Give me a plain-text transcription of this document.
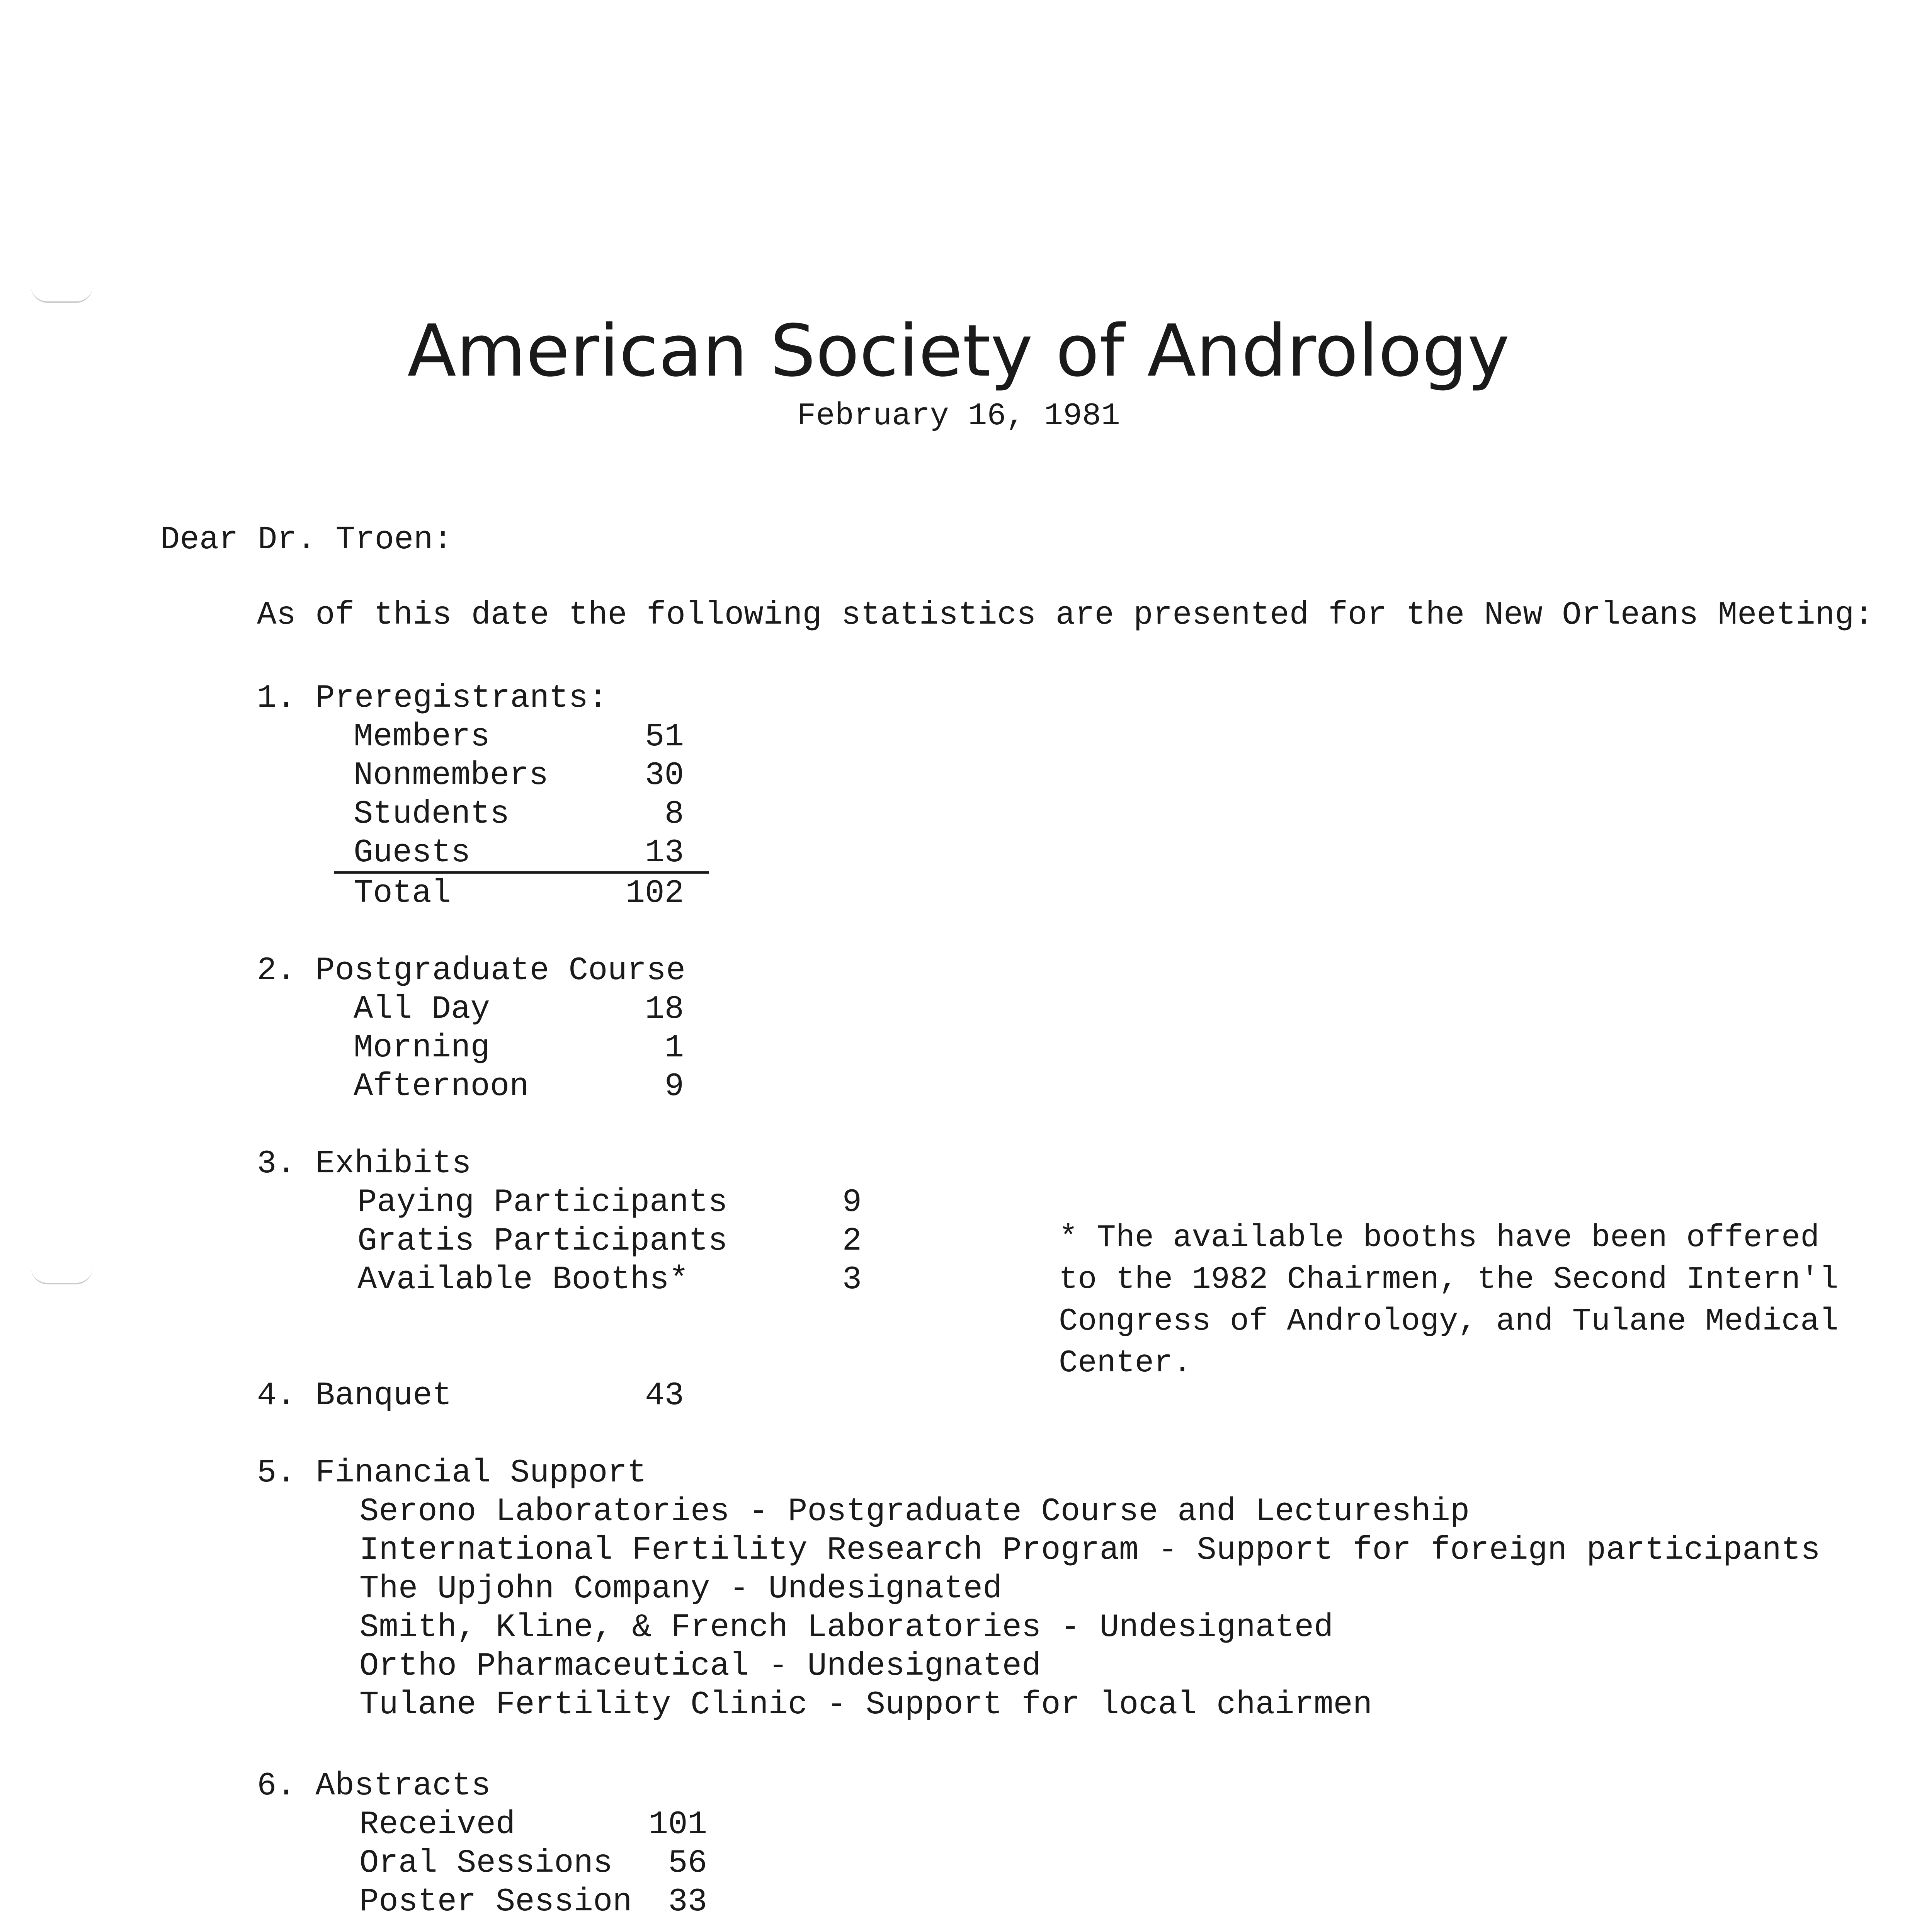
American Society of Andrology
February 16, 1981
Dear Dr. Troen:
As of this date the following statistics are presented for the New Orleans Meeting:
1. Preregistrants:
Members	51
Nonmembers	30
Students	8
Guests	13
Total	102
2. Postgraduate Course
All Day	18
Morning	1
Afternoon	9
3. Exhibits
Paying Participants	9
Gratis Participants	2
Available Booths*	3
* The available booths have been offered
to the 1982 Chairmen, the Second Intern'l
Congress of Andrology, and Tulane Medical
Center.
4. Banquet	43
5. Financial Support
Serono Laboratories - Postgraduate Course and Lectureship
International Fertility Research Program - Support for foreign participants
The Upjohn Company - Undesignated
Smith, Kline, & French Laboratories - Undesignated
Ortho Pharmaceutical - Undesignated
Tulane Fertility Clinic - Support for local chairmen
6. Abstracts
Received	101
Oral Sessions	56
Poster Session	33
